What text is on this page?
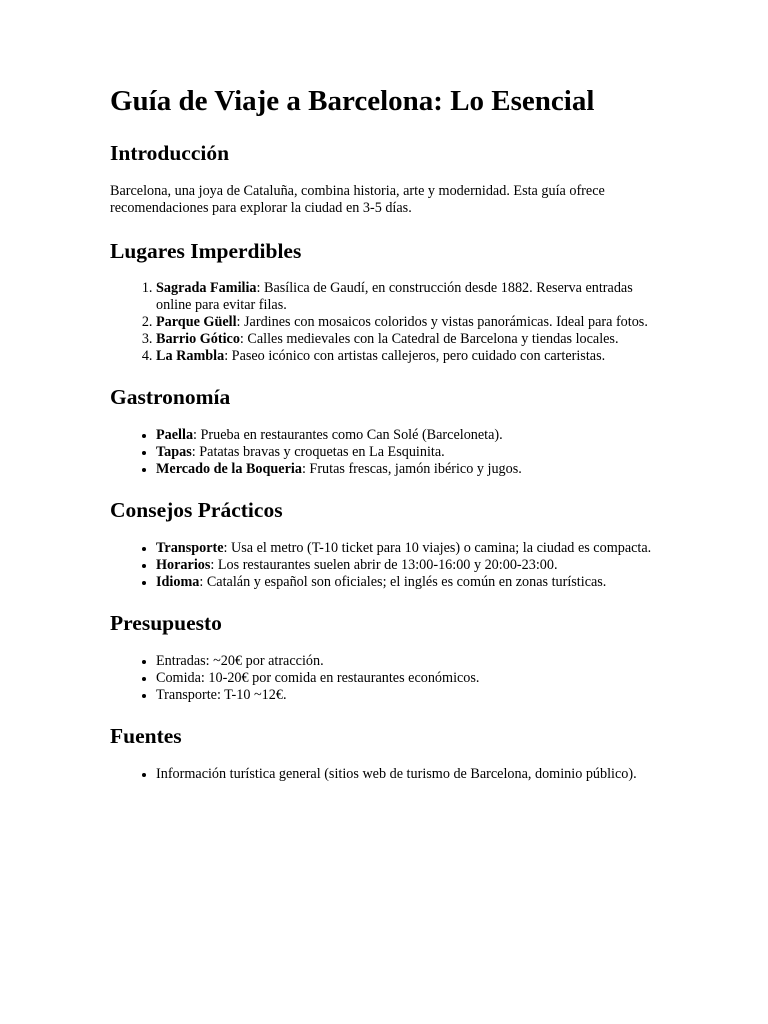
Guía de Viaje a Barcelona: Lo Esencial
Introducción

Barcelona, una joya de Cataluña, combina historia, arte y modernidad. Esta guía ofrece recomendaciones para explorar la ciudad en 3-5 días.

Lugares Imperdibles
1. Sagrada Familia: Basílica de Gaudí, en construcción desde 1882. Reserva entradas online para evitar filas.
2. Parque Güell: Jardines con mosaicos coloridos y vistas panorámicas. Ideal para fotos.
3. Barrio Gótico: Calles medievales con la Catedral de Barcelona y tiendas locales.
4. La Rambla: Paseo icónico con artistas callejeros, pero cuidado con carteristas.
Gastronomía
• Paella: Prueba en restaurantes como Can Solé (Barceloneta).
• Tapas: Patatas bravas y croquetas en La Esquinita.
• Mercado de la Boqueria: Frutas frescas, jamón ibérico y jugos.
Consejos Prácticos
• Transporte: Usa el metro (T-10 ticket para 10 viajes) o camina; la ciudad es compacta.
• Horarios: Los restaurantes suelen abrir de 13:00-16:00 y 20:00-23:00.
• Idioma: Catalán y español son oficiales; el inglés es común en zonas turísticas.
Presupuesto
• Entradas: ~20€ por atracción.
• Comida: 10-20€ por comida en restaurantes económicos.
• Transporte: T-10 ~12€.
Fuentes
• Información turística general (sitios web de turismo de Barcelona, dominio público).
